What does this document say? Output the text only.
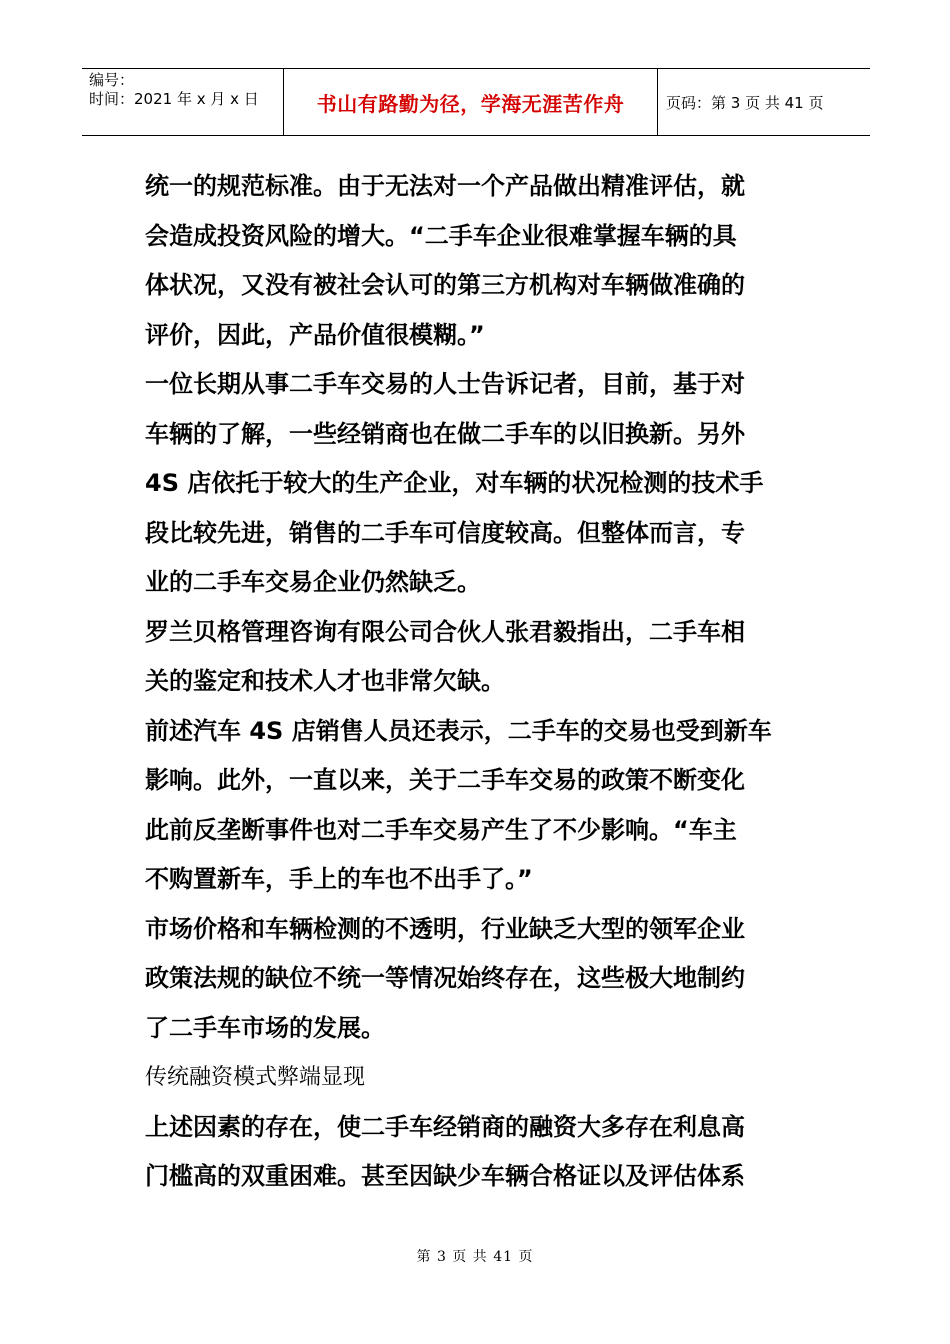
编号：
时间：2021 年 x 月 x 日	书山有路勤为径，学海无涯苦作舟	页码：第 3 页 共 41 页

统一的规范标准。由于无法对一个产品做出精准评估，就

会造成投资风险的增大。“二手车企业很难掌握车辆的具

体状况，又没有被社会认可的第三方机构对车辆做准确的

评价，因此，产品价值很模糊。”

一位长期从事二手车交易的人士告诉记者，目前，基于对

车辆的了解，一些经销商也在做二手车的以旧换新。另外

4S 店依托于较大的生产企业，对车辆的状况检测的技术手

段比较先进，销售的二手车可信度较高。但整体而言，专

业的二手车交易企业仍然缺乏。

罗兰贝格管理咨询有限公司合伙人张君毅指出，二手车相

关的鉴定和技术人才也非常欠缺。

前述汽车 4S 店销售人员还表示，二手车的交易也受到新车

影响。此外，一直以来，关于二手车交易的政策不断变化

此前反垄断事件也对二手车交易产生了不少影响。“车主

不购置新车，手上的车也不出手了。”

市场价格和车辆检测的不透明，行业缺乏大型的领军企业

政策法规的缺位不统一等情况始终存在，这些极大地制约

了二手车市场的发展。

传统融资模式弊端显现

上述因素的存在，使二手车经销商的融资大多存在利息高

门槛高的双重困难。甚至因缺少车辆合格证以及评估体系

第 3 页 共 41 页
